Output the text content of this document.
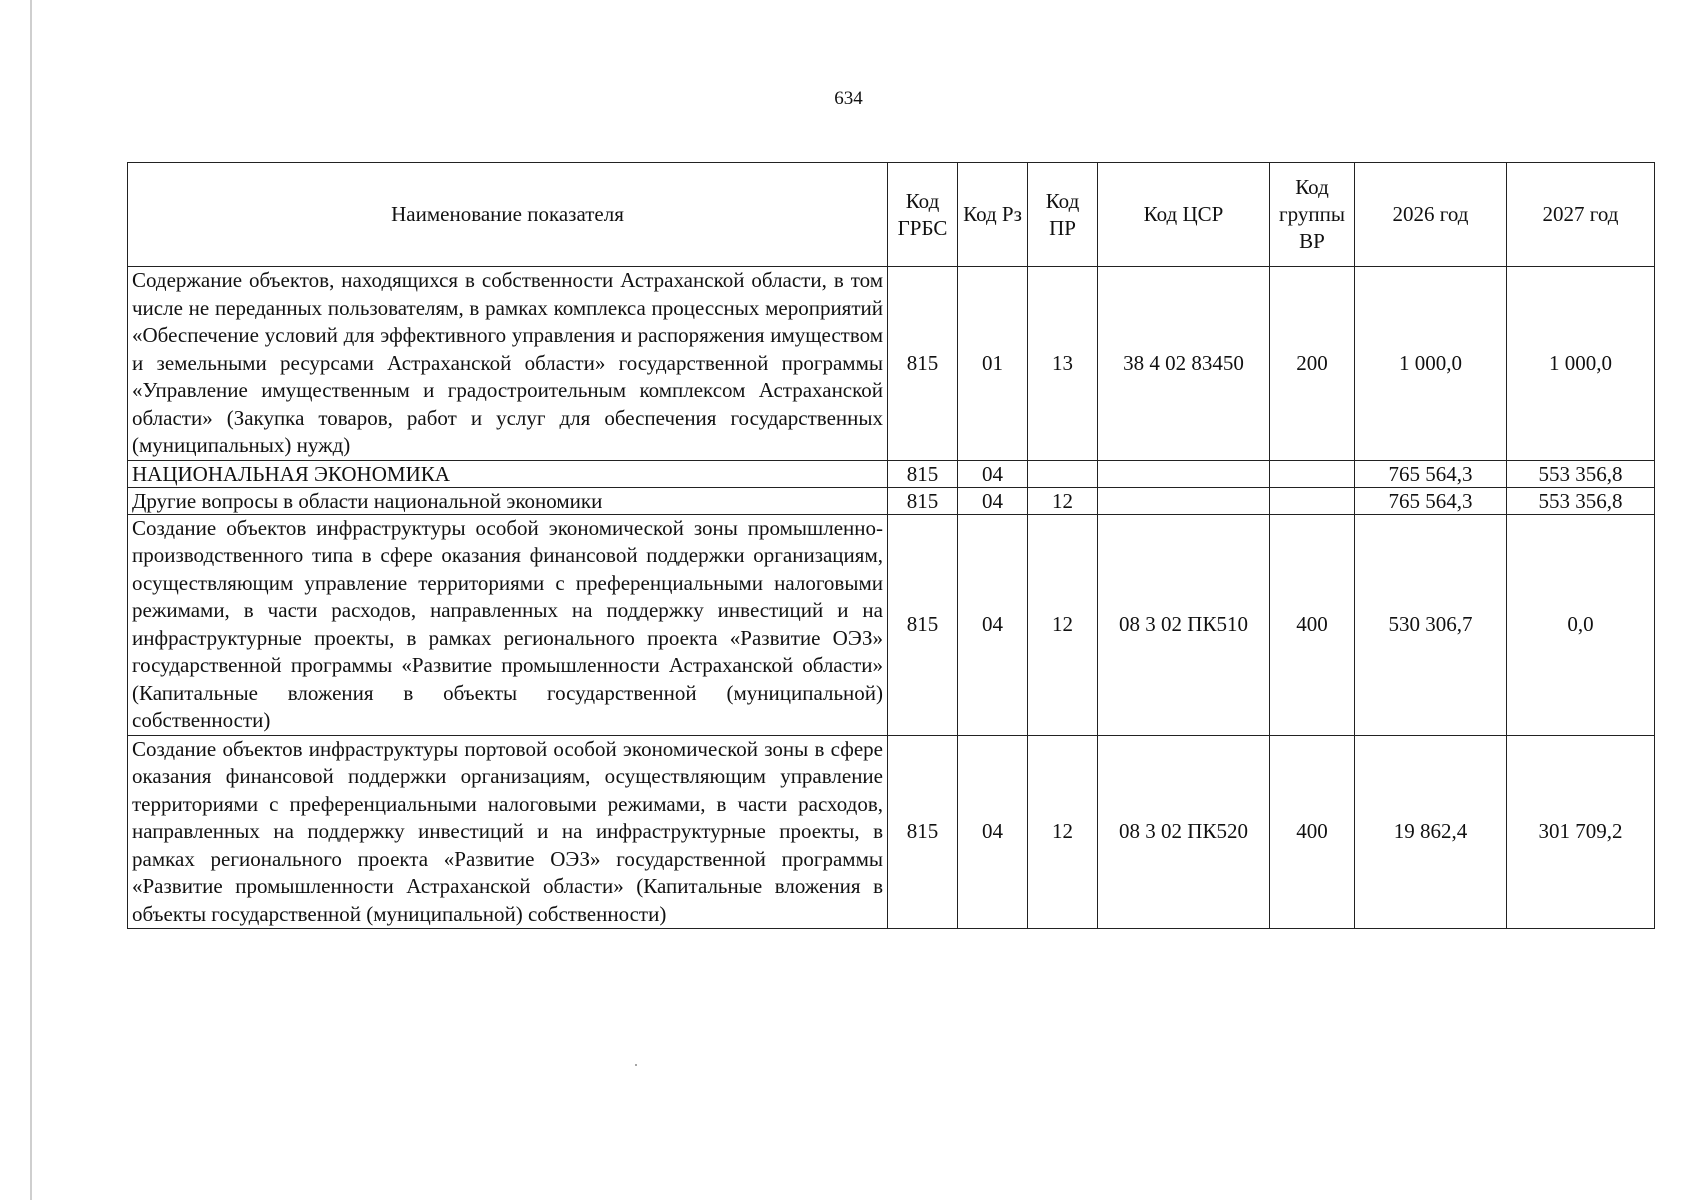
634
Наименование показателя	Код ГРБС	Код Рз	Код ПР	Код ЦСР	Код группы ВР	2026 год	2027 год
Содержание объектов, находящихся в собственности Астраханской области, в том числе не переданных пользователям, в рамках комплекса процессных мероприятий «Обеспечение условий для эффективного управления и распоряжения имуществом и земельными ресурсами Астраханской области» государственной программы «Управление имущественным и градостроительным комплексом Астраханской области» (Закупка товаров, работ и услуг для обеспечения государственных (муниципальных) нужд)	815	01	13	38 4 02 83450	200	1 000,0	1 000,0
НАЦИОНАЛЬНАЯ ЭКОНОМИКА	815	04				765 564,3	553 356,8
Другие вопросы в области национальной экономики	815	04	12			765 564,3	553 356,8
Создание объектов инфраструктуры особой экономической зоны промышленно-производственного типа в сфере оказания финансовой поддержки организациям, осуществляющим управление территориями с преференциальными налоговыми режимами, в части расходов, направленных на поддержку инвестиций и на инфраструктурные проекты, в рамках регионального проекта «Развитие ОЭЗ» государственной программы «Развитие промышленности Астраханской области» (Капитальные вложения в объекты государственной (муниципальной) собственности)	815	04	12	08 3 02 ПК510	400	530 306,7	0,0
Создание объектов инфраструктуры портовой особой экономической зоны в сфере оказания финансовой поддержки организациям, осуществляющим управление территориями с преференциальными налоговыми режимами, в части расходов, направленных на поддержку инвестиций и на инфраструктурные проекты, в рамках регионального проекта «Развитие ОЭЗ» государственной программы «Развитие промышленности Астраханской области» (Капитальные вложения в объекты государственной (муниципальной) собственности)	815	04	12	08 3 02 ПК520	400	19 862,4	301 709,2
